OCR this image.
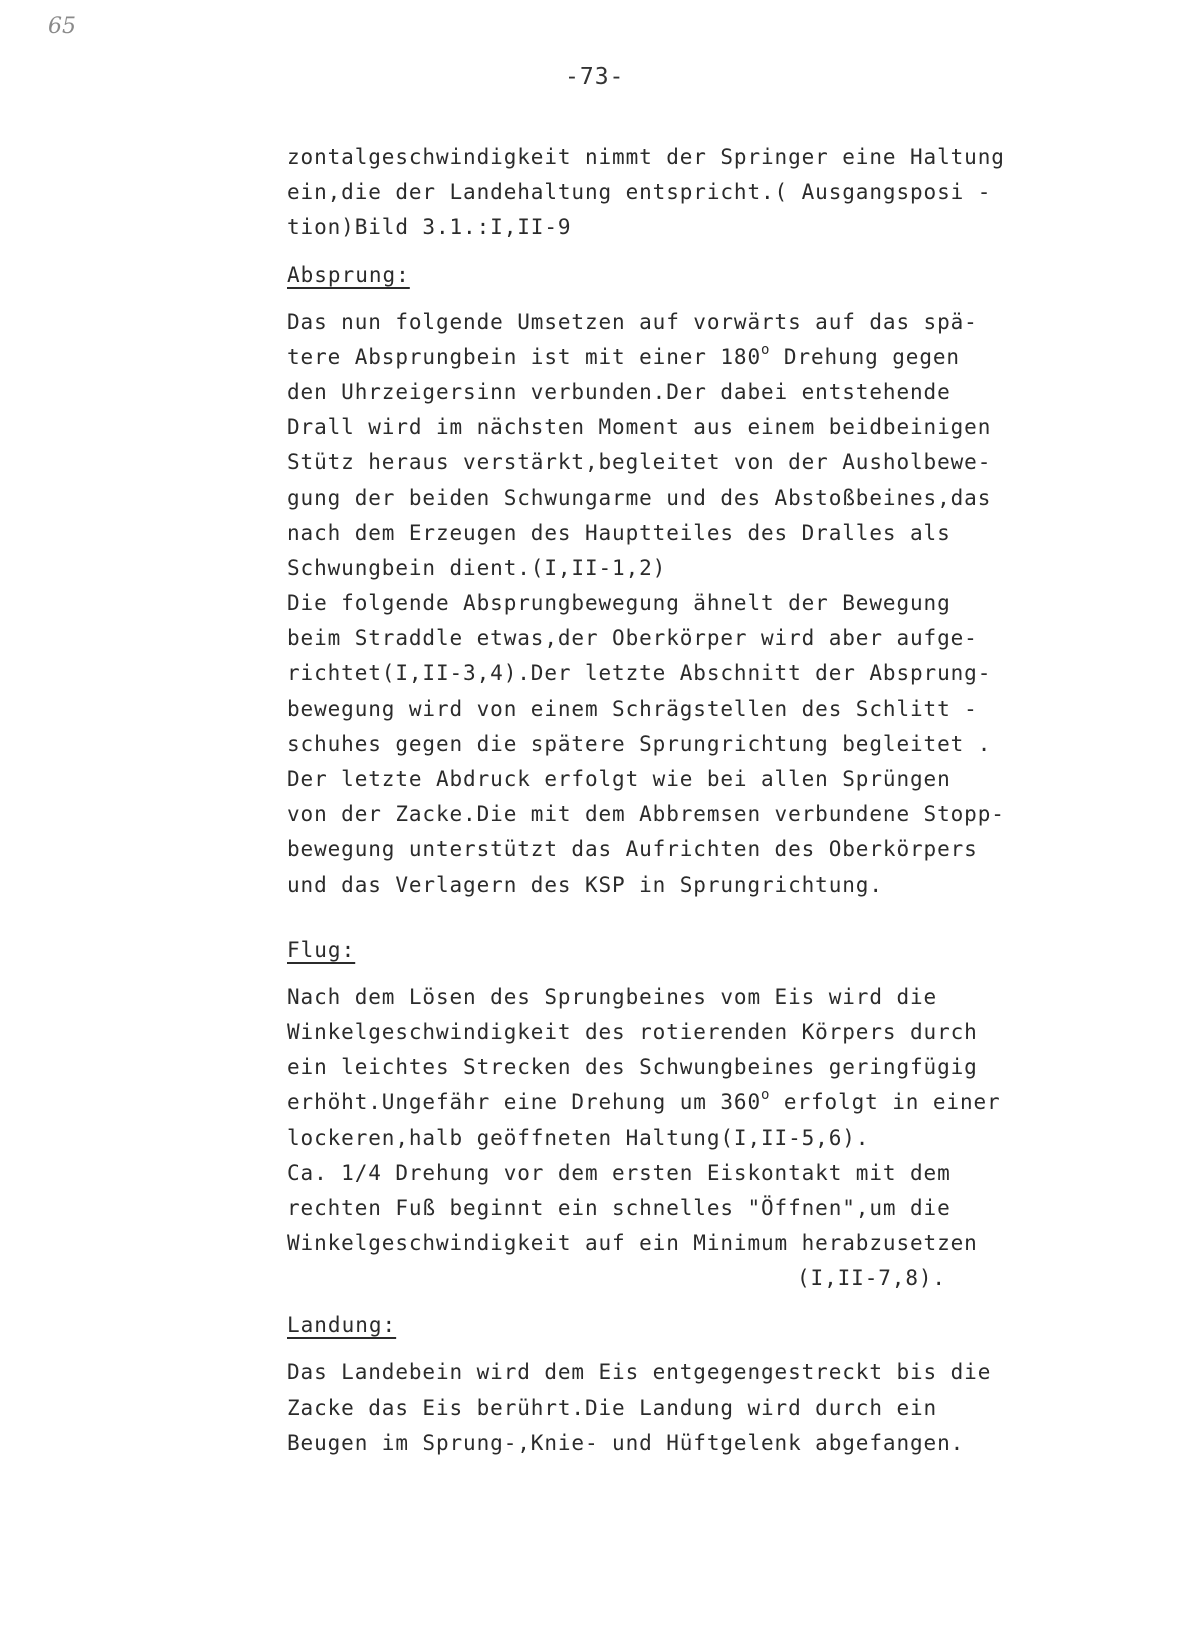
65
-73-
zontalgeschwindigkeit nimmt der Springer eine Haltung
ein,die der Landehaltung entspricht.( Ausgangsposi -
tion)Bild 3.1.:I,II-9
Absprung:
Das nun folgende Umsetzen auf vorwärts auf das spä-
tere Absprungbein ist mit einer 180$^o$ Drehung gegen
den Uhrzeigersinn verbunden.Der dabei entstehende
Drall wird im nächsten Moment aus einem beidbeinigen
Stütz heraus verstärkt,begleitet von der Ausholbewe-
gung der beiden Schwungarme und des Abstoßbeines,das
nach dem Erzeugen des Hauptteiles des Dralles als
Schwungbein dient.(I,II-1,2)
Die folgende Absprungbewegung ähnelt der Bewegung
beim Straddle etwas,der Oberkörper wird aber aufge-
richtet(I,II-3,4).Der letzte Abschnitt der Absprung-
bewegung wird von einem Schrägstellen des Schlitt -
schuhes gegen die spätere Sprungrichtung begleitet .
Der letzte Abdruck erfolgt wie bei allen Sprüngen
von der Zacke.Die mit dem Abbremsen verbundene Stopp-
bewegung unterstützt das Aufrichten des Oberkörpers
und das Verlagern des KSP in Sprungrichtung.
Flug:
Nach dem Lösen des Sprungbeines vom Eis wird die
Winkelgeschwindigkeit des rotierenden Körpers durch
ein leichtes Strecken des Schwungbeines geringfügig
erhöht.Ungefähr eine Drehung um 360$^o$ erfolgt in einer
lockeren,halb geöffneten Haltung(I,II-5,6).
Ca. 1/4 Drehung vor dem ersten Eiskontakt mit dem
rechten Fuß beginnt ein schnelles "Öffnen",um die
Winkelgeschwindigkeit auf ein Minimum herabzusetzen
(I,II-7,8).
Landung:
Das Landebein wird dem Eis entgegengestreckt bis die
Zacke das Eis berührt.Die Landung wird durch ein
Beugen im Sprung-,Knie- und Hüftgelenk abgefangen.
